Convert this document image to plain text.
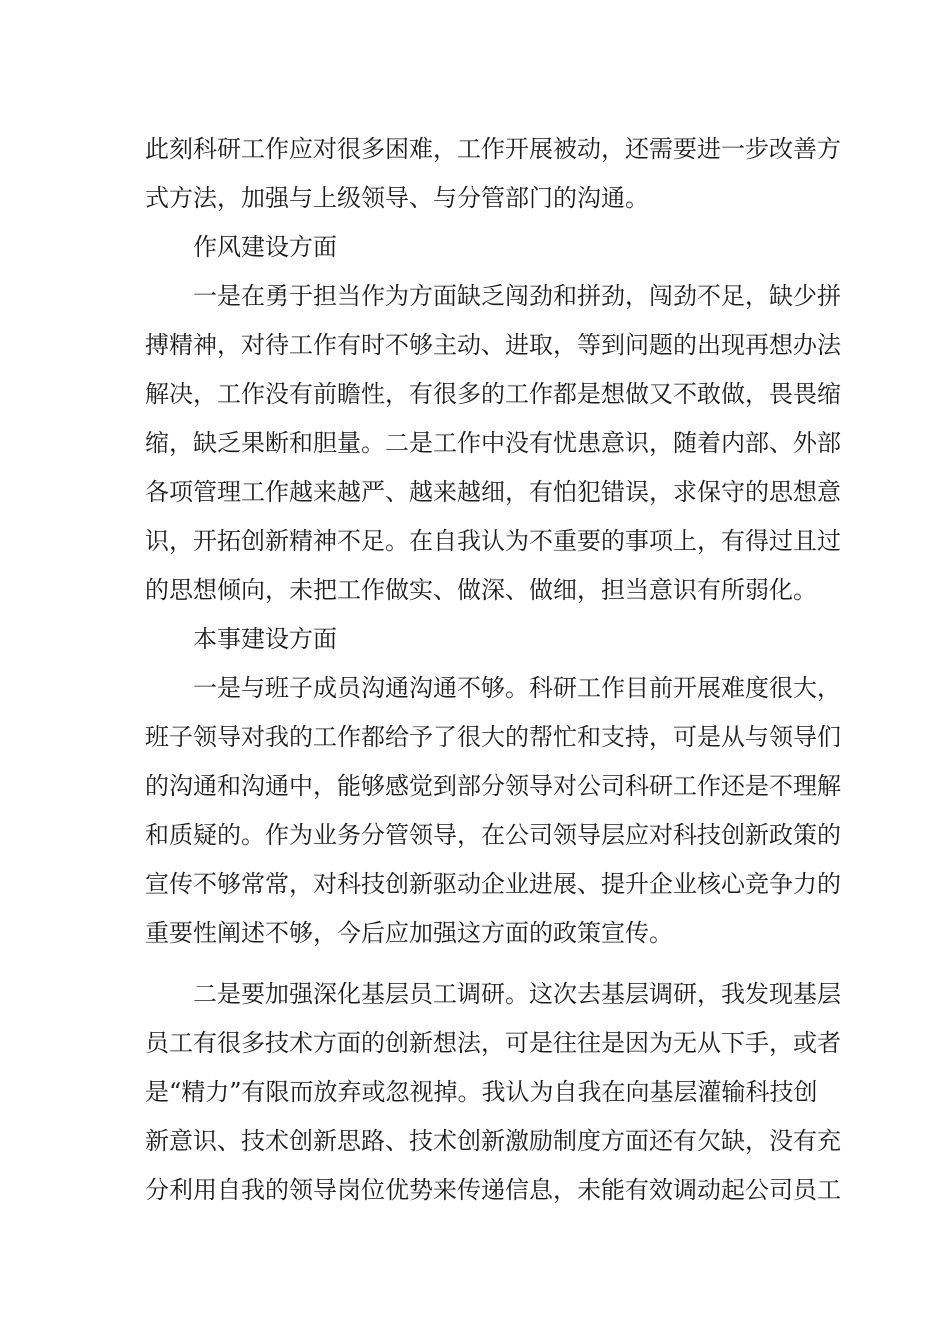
此刻科研工作应对很多困难，工作开展被动，还需要进一步改善方
式方法，加强与上级领导、与分管部门的沟通。
作风建设方面
一是在勇于担当作为方面缺乏闯劲和拼劲，闯劲不足，缺少拼
搏精神，对待工作有时不够主动、进取，等到问题的出现再想办法
解决，工作没有前瞻性，有很多的工作都是想做又不敢做，畏畏缩
缩，缺乏果断和胆量。二是工作中没有忧患意识，随着内部、外部
各项管理工作越来越严、越来越细，有怕犯错误，求保守的思想意
识，开拓创新精神不足。在自我认为不重要的事项上，有得过且过
的思想倾向，未把工作做实、做深、做细，担当意识有所弱化。
本事建设方面
一是与班子成员沟通沟通不够。科研工作目前开展难度很大，
班子领导对我的工作都给予了很大的帮忙和支持，可是从与领导们
的沟通和沟通中，能够感觉到部分领导对公司科研工作还是不理解
和质疑的。作为业务分管领导，在公司领导层应对科技创新政策的
宣传不够常常，对科技创新驱动企业进展、提升企业核心竞争力的
重要性阐述不够，今后应加强这方面的政策宣传。
二是要加强深化基层员工调研。这次去基层调研，我发现基层
员工有很多技术方面的创新想法，可是往往是因为无从下手，或者
是“精力”有限而放弃或忽视掉。我认为自我在向基层灌输科技创
新意识、技术创新思路、技术创新激励制度方面还有欠缺，没有充
分利用自我的领导岗位优势来传递信息，未能有效调动起公司员工
